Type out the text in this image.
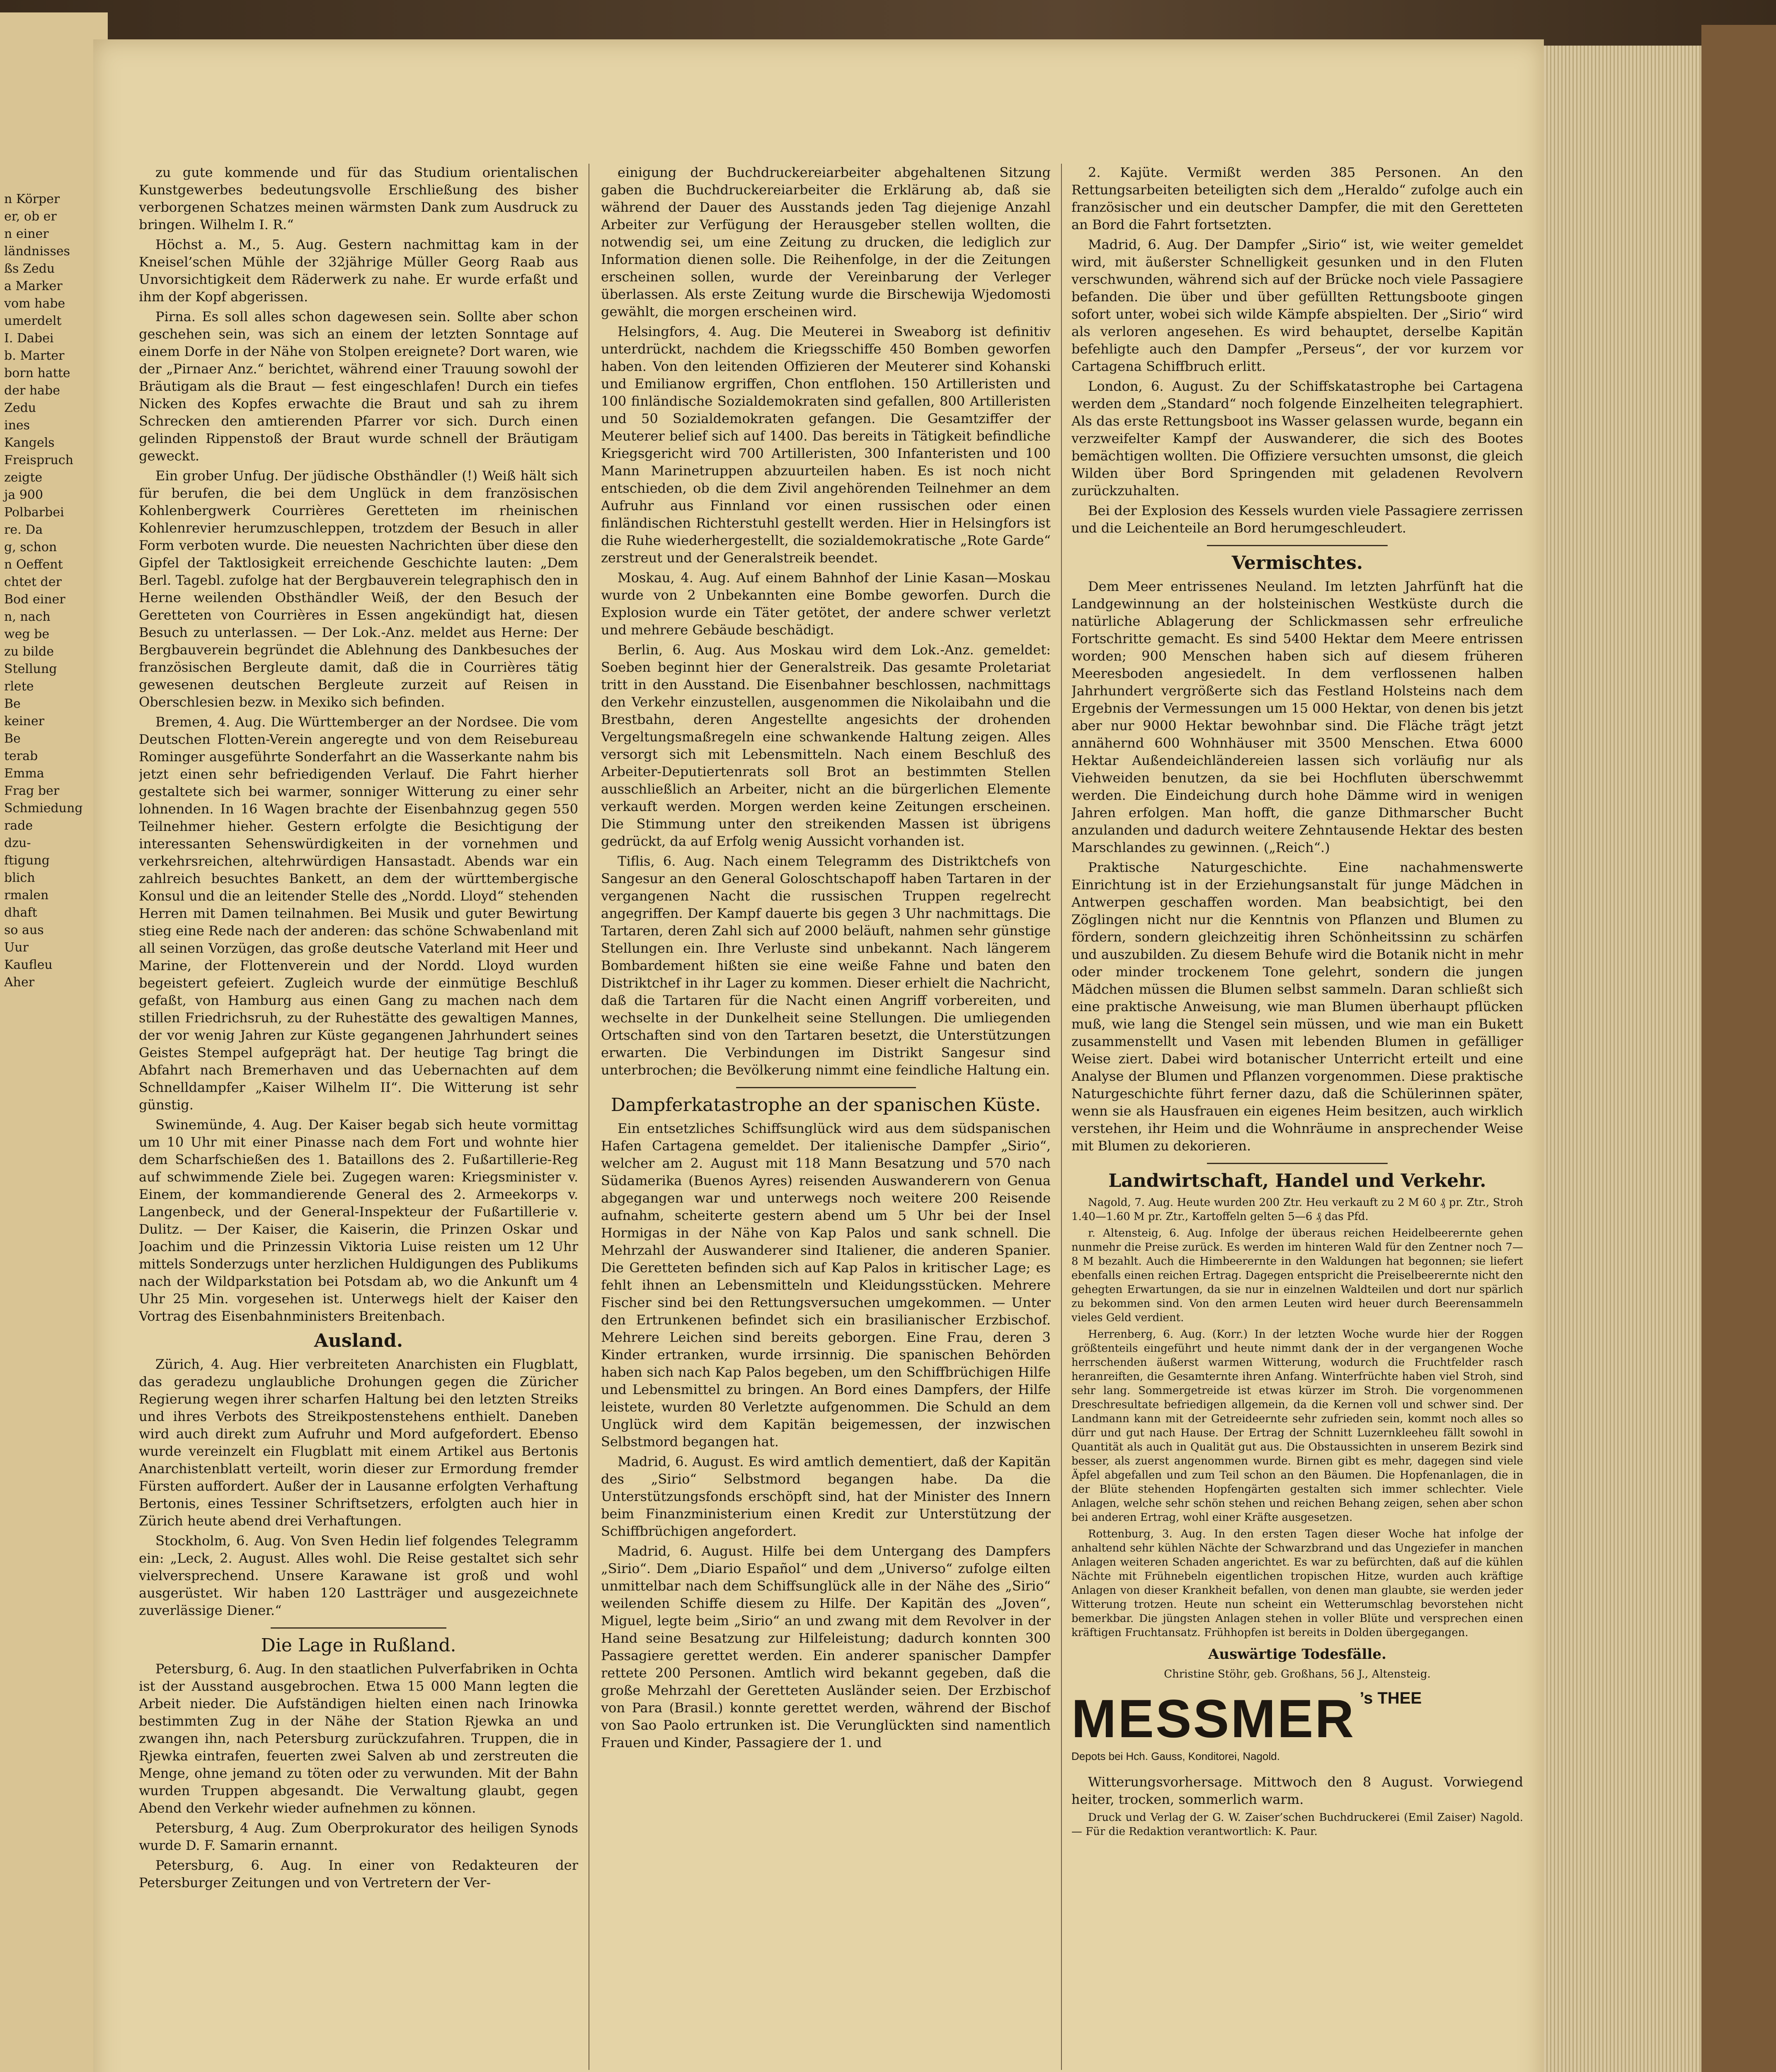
n Körper
er, ob er
n einer
ländnisses
ßs Zedu
a Marker
vom habe
umerdelt
I. Dabei
b. Marter
born hatte
der habe
Zedu
ines
Kangels
Freispruch
zeigte
ja 900
Polbarbei
re. Da
g, schon
n Oeffent
chtet der
Bod einer
n, nach
weg be
zu bilde
Stellung
rlete
Be
keiner
Be
terab
Emma
Frag ber
Schmiedung
rade
dzu-
ftigung
blich
rmalen
dhaft
so aus
Uur
Kaufleu
Aher

zu gute kommende und für das Studium orientalischen Kunstgewerbes bedeutungsvolle Erschließung des bisher verborgenen Schatzes meinen wärmsten Dank zum Ausdruck zu bringen. Wilhelm I. R.“

Höchst a. M., 5. Aug. Gestern nachmittag kam in der Kneisel’schen Mühle der 32jährige Müller Georg Raab aus Unvorsichtigkeit dem Räderwerk zu nahe. Er wurde erfaßt und ihm der Kopf abgerissen.

Pirna. Es soll alles schon dagewesen sein. Sollte aber schon geschehen sein, was sich an einem der letzten Sonntage auf einem Dorfe in der Nähe von Stolpen ereignete? Dort waren, wie der „Pirnaer Anz.“ berichtet, während einer Trauung sowohl der Bräutigam als die Braut — fest eingeschlafen! Durch ein tiefes Nicken des Kopfes erwachte die Braut und sah zu ihrem Schrecken den amtierenden Pfarrer vor sich. Durch einen gelinden Rippenstoß der Braut wurde schnell der Bräutigam geweckt.

Ein grober Unfug. Der jüdische Obsthändler (!) Weiß hält sich für berufen, die bei dem Unglück in dem französischen Kohlenbergwerk Courrières Geretteten im rheinischen Kohlenrevier herumzuschleppen, trotzdem der Besuch in aller Form verboten wurde. Die neuesten Nachrichten über diese den Gipfel der Taktlosigkeit erreichende Geschichte lauten: „Dem Berl. Tagebl. zufolge hat der Bergbauverein telegraphisch den in Herne weilenden Obsthändler Weiß, der den Besuch der Geretteten von Courrières in Essen angekündigt hat, diesen Besuch zu unterlassen. — Der Lok.-Anz. meldet aus Herne: Der Bergbauverein begründet die Ablehnung des Dankbesuches der französischen Bergleute damit, daß die in Courrières tätig gewesenen deutschen Bergleute zurzeit auf Reisen in Oberschlesien bezw. in Mexiko sich befinden.

Bremen, 4. Aug. Die Württemberger an der Nordsee. Die vom Deutschen Flotten-Verein angeregte und von dem Reisebureau Rominger ausgeführte Sonderfahrt an die Wasserkante nahm bis jetzt einen sehr befriedigenden Verlauf. Die Fahrt hierher gestaltete sich bei warmer, sonniger Witterung zu einer sehr lohnenden. In 16 Wagen brachte der Eisenbahnzug gegen 550 Teilnehmer hieher. Gestern erfolgte die Besichtigung der interessanten Sehenswürdigkeiten in der vornehmen und verkehrsreichen, altehrwürdigen Hansastadt. Abends war ein zahlreich besuchtes Bankett, an dem der württembergische Konsul und die an leitender Stelle des „Nordd. Lloyd“ stehenden Herren mit Damen teilnahmen. Bei Musik und guter Bewirtung stieg eine Rede nach der anderen: das schöne Schwabenland mit all seinen Vorzügen, das große deutsche Vaterland mit Heer und Marine, der Flottenverein und der Nordd. Lloyd wurden begeistert gefeiert. Zugleich wurde der einmütige Beschluß gefaßt, von Hamburg aus einen Gang zu machen nach dem stillen Friedrichsruh, zu der Ruhestätte des gewaltigen Mannes, der vor wenig Jahren zur Küste gegangenen Jahrhundert seines Geistes Stempel aufgeprägt hat. Der heutige Tag bringt die Abfahrt nach Bremerhaven und das Uebernachten auf dem Schnelldampfer „Kaiser Wilhelm II“. Die Witterung ist sehr günstig.

Swinemünde, 4. Aug. Der Kaiser begab sich heute vormittag um 10 Uhr mit einer Pinasse nach dem Fort und wohnte hier dem Scharfschießen des 1. Bataillons des 2. Fußartillerie-Reg auf schwimmende Ziele bei. Zugegen waren: Kriegsminister v. Einem, der kommandierende General des 2. Armeekorps v. Langenbeck, und der General-Inspekteur der Fußartillerie v. Dulitz. — Der Kaiser, die Kaiserin, die Prinzen Oskar und Joachim und die Prinzessin Viktoria Luise reisten um 12 Uhr mittels Sonderzugs unter herzlichen Huldigungen des Publikums nach der Wildparkstation bei Potsdam ab, wo die Ankunft um 4 Uhr 25 Min. vorgesehen ist. Unterwegs hielt der Kaiser den Vortrag des Eisenbahnministers Breitenbach.

Ausland.

Zürich, 4. Aug. Hier verbreiteten Anarchisten ein Flugblatt, das geradezu unglaubliche Drohungen gegen die Züricher Regierung wegen ihrer scharfen Haltung bei den letzten Streiks und ihres Verbots des Streikpostenstehens enthielt. Daneben wird auch direkt zum Aufruhr und Mord aufgefordert. Ebenso wurde vereinzelt ein Flugblatt mit einem Artikel aus Bertonis Anarchistenblatt verteilt, worin dieser zur Ermordung fremder Fürsten auffordert. Außer der in Lausanne erfolgten Verhaftung Bertonis, eines Tessiner Schriftsetzers, erfolgten auch hier in Zürich heute abend drei Verhaftungen.

Stockholm, 6. Aug. Von Sven Hedin lief folgendes Telegramm ein: „Leck, 2. August. Alles wohl. Die Reise gestaltet sich sehr vielversprechend. Unsere Karawane ist groß und wohl ausgerüstet. Wir haben 120 Lastträger und ausgezeichnete zuverlässige Diener.“

Die Lage in Rußland.

Petersburg, 6. Aug. In den staatlichen Pulverfabriken in Ochta ist der Ausstand ausgebrochen. Etwa 15 000 Mann legten die Arbeit nieder. Die Aufständigen hielten einen nach Irinowka bestimmten Zug in der Nähe der Station Rjewka an und zwangen ihn, nach Petersburg zurückzufahren. Truppen, die in Rjewka eintrafen, feuerten zwei Salven ab und zerstreuten die Menge, ohne jemand zu töten oder zu verwunden. Mit der Bahn wurden Truppen abgesandt. Die Verwaltung glaubt, gegen Abend den Verkehr wieder aufnehmen zu können.

Petersburg, 4 Aug. Zum Oberprokurator des heiligen Synods wurde D. F. Samarin ernannt.

Petersburg, 6. Aug. In einer von Redakteuren der Petersburger Zeitungen und von Vertretern der Ver-

einigung der Buchdruckereiarbeiter abgehaltenen Sitzung gaben die Buchdruckereiarbeiter die Erklärung ab, daß sie während der Dauer des Ausstands jeden Tag diejenige Anzahl Arbeiter zur Verfügung der Herausgeber stellen wollten, die notwendig sei, um eine Zeitung zu drucken, die lediglich zur Information dienen solle. Die Reihenfolge, in der die Zeitungen erscheinen sollen, wurde der Vereinbarung der Verleger überlassen. Als erste Zeitung wurde die Birschewija Wjedomosti gewählt, die morgen erscheinen wird.

Helsingfors, 4. Aug. Die Meuterei in Sweaborg ist definitiv unterdrückt, nachdem die Kriegsschiffe 450 Bomben geworfen haben. Von den leitenden Offizieren der Meuterer sind Kohanski und Emilianow ergriffen, Chon entflohen. 150 Artilleristen und 100 finländische Sozialdemokraten sind gefallen, 800 Artilleristen und 50 Sozialdemokraten gefangen. Die Gesamtziffer der Meuterer belief sich auf 1400. Das bereits in Tätigkeit befindliche Kriegsgericht wird 700 Artilleristen, 300 Infanteristen und 100 Mann Marinetruppen abzuurteilen haben. Es ist noch nicht entschieden, ob die dem Zivil angehörenden Teilnehmer an dem Aufruhr aus Finnland vor einen russischen oder einen finländischen Richterstuhl gestellt werden. Hier in Helsingfors ist die Ruhe wiederhergestellt, die sozialdemokratische „Rote Garde“ zerstreut und der Generalstreik beendet.

Moskau, 4. Aug. Auf einem Bahnhof der Linie Kasan—Moskau wurde von 2 Unbekannten eine Bombe geworfen. Durch die Explosion wurde ein Täter getötet, der andere schwer verletzt und mehrere Gebäude beschädigt.

Berlin, 6. Aug. Aus Moskau wird dem Lok.-Anz. gemeldet: Soeben beginnt hier der Generalstreik. Das gesamte Proletariat tritt in den Ausstand. Die Eisenbahner beschlossen, nachmittags den Verkehr einzustellen, ausgenommen die Nikolaibahn und die Brestbahn, deren Angestellte angesichts der drohenden Vergeltungsmaßregeln eine schwankende Haltung zeigen. Alles versorgt sich mit Lebensmitteln. Nach einem Beschluß des Arbeiter-Deputiertenrats soll Brot an bestimmten Stellen ausschließlich an Arbeiter, nicht an die bürgerlichen Elemente verkauft werden. Morgen werden keine Zeitungen erscheinen. Die Stimmung unter den streikenden Massen ist übrigens gedrückt, da auf Erfolg wenig Aussicht vorhanden ist.

Tiflis, 6. Aug. Nach einem Telegramm des Distriktchefs von Sangesur an den General Goloschtschapoff haben Tartaren in der vergangenen Nacht die russischen Truppen regelrecht angegriffen. Der Kampf dauerte bis gegen 3 Uhr nachmittags. Die Tartaren, deren Zahl sich auf 2000 beläuft, nahmen sehr günstige Stellungen ein. Ihre Verluste sind unbekannt. Nach längerem Bombardement hißten sie eine weiße Fahne und baten den Distriktchef in ihr Lager zu kommen. Dieser erhielt die Nachricht, daß die Tartaren für die Nacht einen Angriff vorbereiten, und wechselte in der Dunkelheit seine Stellungen. Die umliegenden Ortschaften sind von den Tartaren besetzt, die Unterstützungen erwarten. Die Verbindungen im Distrikt Sangesur sind unterbrochen; die Bevölkerung nimmt eine feindliche Haltung ein.

Dampferkatastrophe an der spanischen Küste.

Ein entsetzliches Schiffsunglück wird aus dem südspanischen Hafen Cartagena gemeldet. Der italienische Dampfer „Sirio“, welcher am 2. August mit 118 Mann Besatzung und 570 nach Südamerika (Buenos Ayres) reisenden Auswanderern von Genua abgegangen war und unterwegs noch weitere 200 Reisende aufnahm, scheiterte gestern abend um 5 Uhr bei der Insel Hormigas in der Nähe von Kap Palos und sank schnell. Die Mehrzahl der Auswanderer sind Italiener, die anderen Spanier. Die Geretteten befinden sich auf Kap Palos in kritischer Lage; es fehlt ihnen an Lebensmitteln und Kleidungsstücken. Mehrere Fischer sind bei den Rettungsversuchen umgekommen. — Unter den Ertrunkenen befindet sich ein brasilianischer Erzbischof. Mehrere Leichen sind bereits geborgen. Eine Frau, deren 3 Kinder ertranken, wurde irrsinnig. Die spanischen Behörden haben sich nach Kap Palos begeben, um den Schiffbrüchigen Hilfe und Lebensmittel zu bringen. An Bord eines Dampfers, der Hilfe leistete, wurden 80 Verletzte aufgenommen. Die Schuld an dem Unglück wird dem Kapitän beigemessen, der inzwischen Selbstmord begangen hat.

Madrid, 6. August. Es wird amtlich dementiert, daß der Kapitän des „Sirio“ Selbstmord begangen habe. Da die Unterstützungsfonds erschöpft sind, hat der Minister des Innern beim Finanzministerium einen Kredit zur Unterstützung der Schiffbrüchigen angefordert.

Madrid, 6. August. Hilfe bei dem Untergang des Dampfers „Sirio“. Dem „Diario Español“ und dem „Universo“ zufolge eilten unmittelbar nach dem Schiffsunglück alle in der Nähe des „Sirio“ weilenden Schiffe diesem zu Hilfe. Der Kapitän des „Joven“, Miguel, legte beim „Sirio“ an und zwang mit dem Revolver in der Hand seine Besatzung zur Hilfeleistung; dadurch konnten 300 Passagiere gerettet werden. Ein anderer spanischer Dampfer rettete 200 Personen. Amtlich wird bekannt gegeben, daß die große Mehrzahl der Geretteten Ausländer seien. Der Erzbischof von Para (Brasil.) konnte gerettet werden, während der Bischof von Sao Paolo ertrunken ist. Die Verunglückten sind namentlich Frauen und Kinder, Passagiere der 1. und

2. Kajüte. Vermißt werden 385 Personen. An den Rettungsarbeiten beteiligten sich dem „Heraldo“ zufolge auch ein französischer und ein deutscher Dampfer, die mit den Geretteten an Bord die Fahrt fortsetzten.

Madrid, 6. Aug. Der Dampfer „Sirio“ ist, wie weiter gemeldet wird, mit äußerster Schnelligkeit gesunken und in den Fluten verschwunden, während sich auf der Brücke noch viele Passagiere befanden. Die über und über gefüllten Rettungsboote gingen sofort unter, wobei sich wilde Kämpfe abspielten. Der „Sirio“ wird als verloren angesehen. Es wird behauptet, derselbe Kapitän befehligte auch den Dampfer „Perseus“, der vor kurzem vor Cartagena Schiffbruch erlitt.

London, 6. August. Zu der Schiffskatastrophe bei Cartagena werden dem „Standard“ noch folgende Einzelheiten telegraphiert. Als das erste Rettungsboot ins Wasser gelassen wurde, begann ein verzweifelter Kampf der Auswanderer, die sich des Bootes bemächtigen wollten. Die Offiziere versuchten umsonst, die gleich Wilden über Bord Springenden mit geladenen Revolvern zurückzuhalten.

Bei der Explosion des Kessels wurden viele Passagiere zerrissen und die Leichenteile an Bord herumgeschleudert.

Vermischtes.

Dem Meer entrissenes Neuland. Im letzten Jahrfünft hat die Landgewinnung an der holsteinischen Westküste durch die natürliche Ablagerung der Schlickmassen sehr erfreuliche Fortschritte gemacht. Es sind 5400 Hektar dem Meere entrissen worden; 900 Menschen haben sich auf diesem früheren Meeresboden angesiedelt. In dem verflossenen halben Jahrhundert vergrößerte sich das Festland Holsteins nach dem Ergebnis der Vermessungen um 15 000 Hektar, von denen bis jetzt aber nur 9000 Hektar bewohnbar sind. Die Fläche trägt jetzt annähernd 600 Wohnhäuser mit 3500 Menschen. Etwa 6000 Hektar Außendeichländereien lassen sich vorläufig nur als Viehweiden benutzen, da sie bei Hochfluten überschwemmt werden. Die Eindeichung durch hohe Dämme wird in wenigen Jahren erfolgen. Man hofft, die ganze Dithmarscher Bucht anzulanden und dadurch weitere Zehntausende Hektar des besten Marschlandes zu gewinnen. („Reich“.)

Praktische Naturgeschichte. Eine nachahmenswerte Einrichtung ist in der Erziehungsanstalt für junge Mädchen in Antwerpen geschaffen worden. Man beabsichtigt, bei den Zöglingen nicht nur die Kenntnis von Pflanzen und Blumen zu fördern, sondern gleichzeitig ihren Schönheitssinn zu schärfen und auszubilden. Zu diesem Behufe wird die Botanik nicht in mehr oder minder trockenem Tone gelehrt, sondern die jungen Mädchen müssen die Blumen selbst sammeln. Daran schließt sich eine praktische Anweisung, wie man Blumen überhaupt pflücken muß, wie lang die Stengel sein müssen, und wie man ein Bukett zusammenstellt und Vasen mit lebenden Blumen in gefälliger Weise ziert. Dabei wird botanischer Unterricht erteilt und eine Analyse der Blumen und Pflanzen vorgenommen. Diese praktische Naturgeschichte führt ferner dazu, daß die Schülerinnen später, wenn sie als Hausfrauen ein eigenes Heim besitzen, auch wirklich verstehen, ihr Heim und die Wohnräume in ansprechender Weise mit Blumen zu dekorieren.

Landwirtschaft, Handel und Verkehr.

Nagold, 7. Aug. Heute wurden 200 Ztr. Heu verkauft zu 2 M 60 ₰ pr. Ztr., Stroh 1.40—1.60 M pr. Ztr., Kartoffeln gelten 5—6 ₰ das Pfd.

r. Altensteig, 6. Aug. Infolge der überaus reichen Heidelbeerernte gehen nunmehr die Preise zurück. Es werden im hinteren Wald für den Zentner noch 7—8 M bezahlt. Auch die Himbeerernte in den Waldungen hat begonnen; sie liefert ebenfalls einen reichen Ertrag. Dagegen entspricht die Preiselbeerernte nicht den gehegten Erwartungen, da sie nur in einzelnen Waldteilen und dort nur spärlich zu bekommen sind. Von den armen Leuten wird heuer durch Beerensammeln vieles Geld verdient.

Herrenberg, 6. Aug. (Korr.) In der letzten Woche wurde hier der Roggen größtenteils eingeführt und heute nimmt dank der in der vergangenen Woche herrschenden äußerst warmen Witterung, wodurch die Fruchtfelder rasch heranreiften, die Gesamternte ihren Anfang. Winterfrüchte haben viel Stroh, sind sehr lang. Sommergetreide ist etwas kürzer im Stroh. Die vorgenommenen Dreschresultate befriedigen allgemein, da die Kernen voll und schwer sind. Der Landmann kann mit der Getreideernte sehr zufrieden sein, kommt noch alles so dürr und gut nach Hause. Der Ertrag der Schnitt Luzernkleeheu fällt sowohl in Quantität als auch in Qualität gut aus. Die Obstaussichten in unserem Bezirk sind besser, als zuerst angenommen wurde. Birnen gibt es mehr, dagegen sind viele Äpfel abgefallen und zum Teil schon an den Bäumen. Die Hopfenanlagen, die in der Blüte stehenden Hopfengärten gestalten sich immer schlechter. Viele Anlagen, welche sehr schön stehen und reichen Behang zeigen, sehen aber schon bei anderen Ertrag, wohl einer Kräfte ausgesetzen.

Rottenburg, 3. Aug. In den ersten Tagen dieser Woche hat infolge der anhaltend sehr kühlen Nächte der Schwarzbrand und das Ungeziefer in manchen Anlagen weiteren Schaden angerichtet. Es war zu befürchten, daß auf die kühlen Nächte mit Frühnebeln eigentlichen tropischen Hitze, wurden auch kräftige Anlagen von dieser Krankheit befallen, von denen man glaubte, sie werden jeder Witterung trotzen. Heute nun scheint ein Wetterumschlag bevorstehen nicht bemerkbar. Die jüngsten Anlagen stehen in voller Blüte und versprechen einen kräftigen Fruchtansatz. Frühhopfen ist bereits in Dolden übergegangen.

Auswärtige Todesfälle.

Christine Stöhr, geb. Großhans, 56 J., Altensteig.

MESSMER ’s THEE
Depots bei Hch. Gauss, Konditorei, Nagold.

Witterungsvorhersage. Mittwoch den 8 August. Vorwiegend heiter, trocken, sommerlich warm.

Druck und Verlag der G. W. Zaiser’schen Buchdruckerei (Emil Zaiser) Nagold. — Für die Redaktion verantwortlich: K. Paur.
